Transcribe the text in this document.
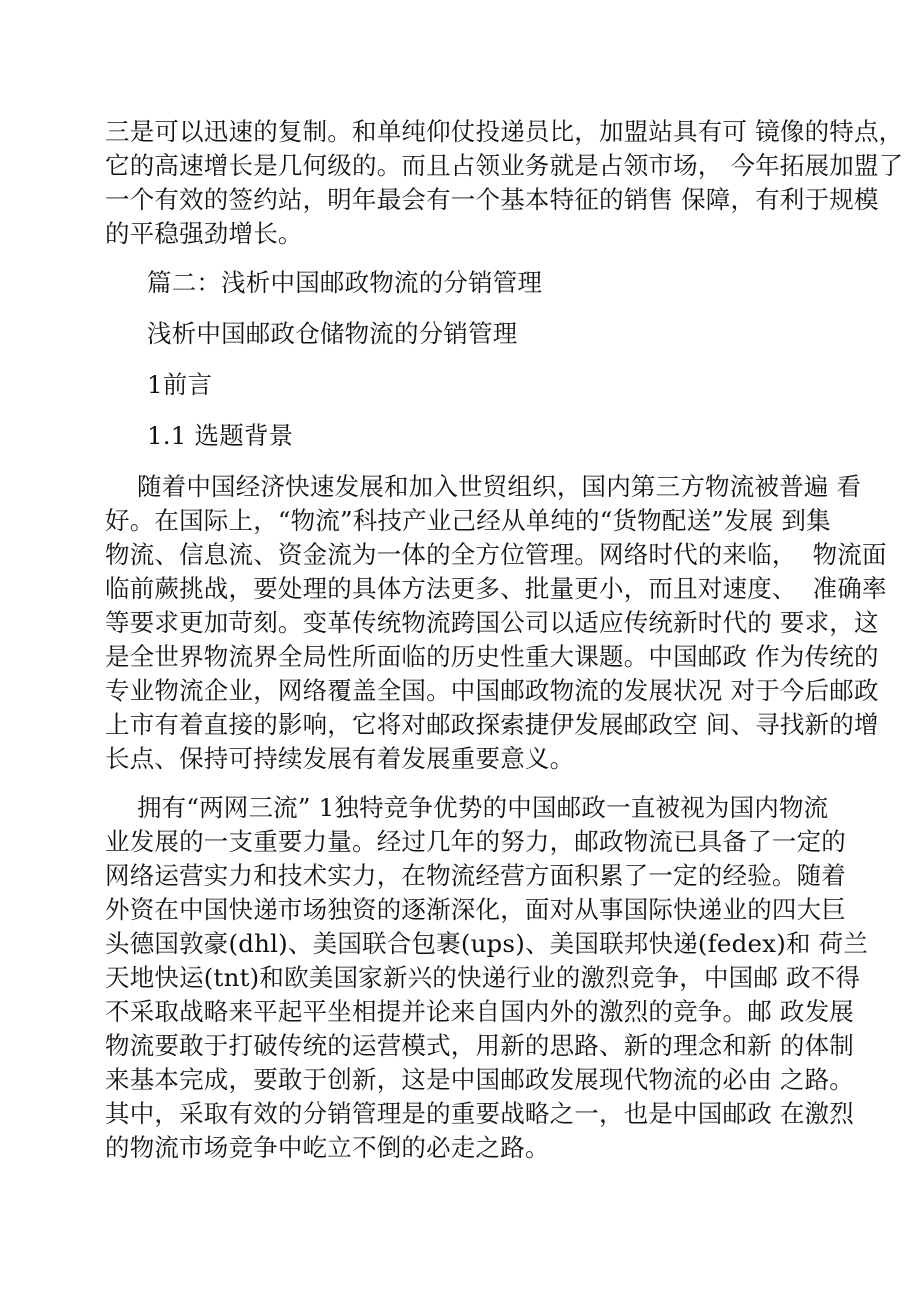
三是可以迅速的复制。和单纯仰仗投递员比，加盟站具有可 镜像的特点，
它的高速增长是几何级的。而且占领业务就是占领市场， 今年拓展加盟了
一个有效的签约站，明年最会有一个基本特征的销售 保障，有利于规模
的平稳强劲增长。
篇二：浅析中国邮政物流的分销管理
浅析中国邮政仓储物流的分销管理
1前言
1.1 选题背景
随着中国经济快速发展和加入世贸组织，国内第三方物流被普遍 看
好。在国际上，“物流”科技产业己经从单纯的“货物配送”发展 到集
物流、信息流、资金流为一体的全方位管理。网络时代的来临，  物流面
临前蕨挑战，要处理的具体方法更多、批量更小，而且对速度、  准确率
等要求更加苛刻。变革传统物流跨国公司以适应传统新时代的 要求，这
是全世界物流界全局性所面临的历史性重大课题。中国邮政 作为传统的
专业物流企业，网络覆盖全国。中国邮政物流的发展状况 对于今后邮政
上市有着直接的影响，它将对邮政探索捷伊发展邮政空 间、寻找新的增
长点、保持可持续发展有着发展重要意义。
拥有“两网三流” 1独特竞争优势的中国邮政一直被视为国内物流
业发展的一支重要力量。经过几年的努力，邮政物流已具备了一定的
网络运营实力和技术实力，在物流经营方面积累了一定的经验。随着
外资在中国快递市场独资的逐渐深化，面对从事国际快递业的四大巨
头德国敦豪(dhl)、美国联合包裹(ups)、美国联邦快递(fedex)和 荷兰
天地快运(tnt)和欧美国家新兴的快递行业的激烈竞争，中国邮 政不得
不采取战略来平起平坐相提并论来自国内外的激烈的竞争。邮 政发展
物流要敢于打破传统的运营模式，用新的思路、新的理念和新 的体制
来基本完成，要敢于创新，这是中国邮政发展现代物流的必由 之路。
其中，采取有效的分销管理是的重要战略之一，也是中国邮政 在激烈
的物流市场竞争中屹立不倒的必走之路。
